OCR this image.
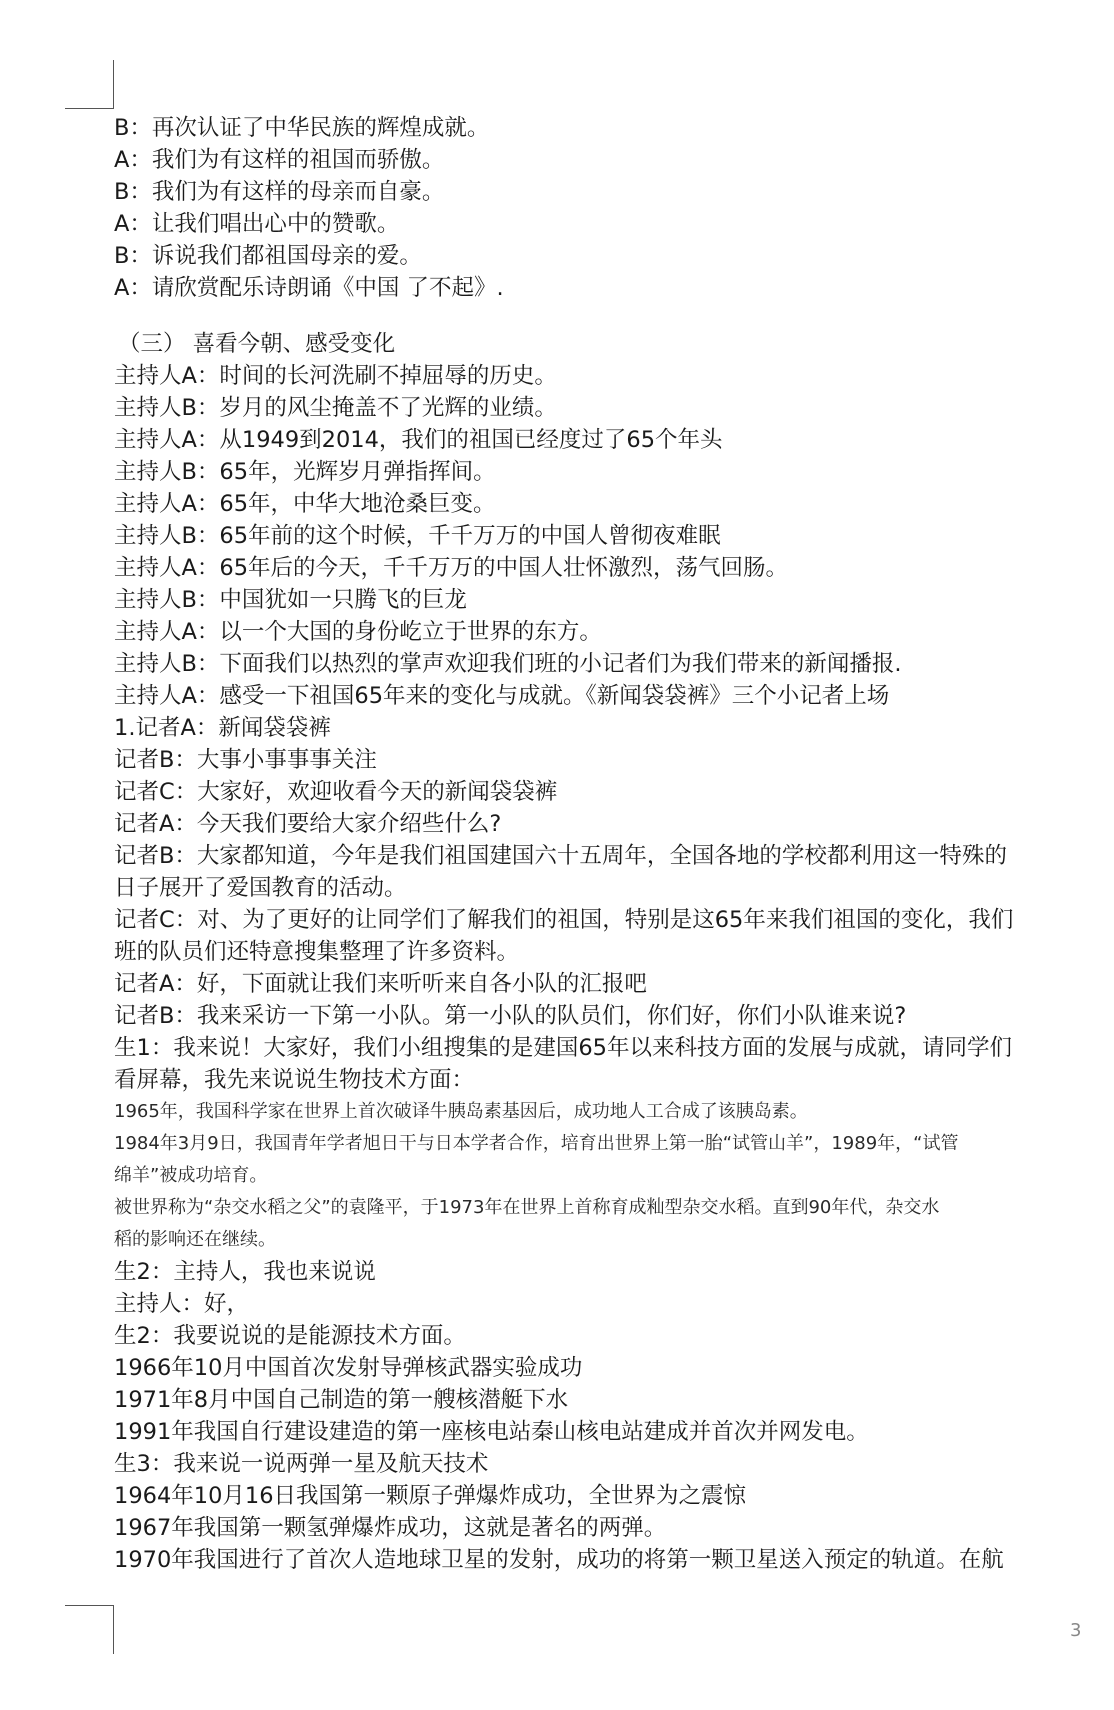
B：再次认证了中华民族的辉煌成就。
A：我们为有这样的祖国而骄傲。
B：我们为有这样的母亲而自豪。
A：让我们唱出心中的赞歌。
B：诉说我们都祖国母亲的爱。
A：请欣赏配乐诗朗诵《中国 了不起》.
（三） 喜看今朝、感受变化
主持人A：时间的长河洗刷不掉屈辱的历史。
主持人B：岁月的风尘掩盖不了光辉的业绩。
主持人A：从1949到2014，我们的祖国已经度过了65个年头
主持人B：65年，光辉岁月弹指挥间。
主持人A：65年，中华大地沧桑巨变。
主持人B：65年前的这个时候，千千万万的中国人曾彻夜难眠
主持人A：65年后的今天，千千万万的中国人壮怀激烈，荡气回肠。
主持人B：中国犹如一只腾飞的巨龙
主持人A：以一个大国的身份屹立于世界的东方。
主持人B：下面我们以热烈的掌声欢迎我们班的小记者们为我们带来的新闻播报.
主持人A：感受一下祖国65年来的变化与成就。《新闻袋袋裤》三个小记者上场
1.记者A：新闻袋袋裤
记者B：大事小事事事关注
记者C：大家好，欢迎收看今天的新闻袋袋裤
记者A：今天我们要给大家介绍些什么?
记者B：大家都知道，今年是我们祖国建国六十五周年，全国各地的学校都利用这一特殊的
日子展开了爱国教育的活动。
记者C：对、为了更好的让同学们了解我们的祖国，特别是这65年来我们祖国的变化，我们
班的队员们还特意搜集整理了许多资料。
记者A：好，下面就让我们来听听来自各小队的汇报吧
记者B：我来采访一下第一小队。第一小队的队员们，你们好，你们小队谁来说?
生1：我来说！大家好，我们小组搜集的是建国65年以来科技方面的发展与成就，请同学们
看屏幕，我先来说说生物技术方面：
1965年，我国科学家在世界上首次破译牛胰岛素基因后，成功地人工合成了该胰岛素。
1984年3月9日，我国青年学者旭日干与日本学者合作，培育出世界上第一胎“试管山羊”，1989年，“试管
绵羊”被成功培育。
被世界称为“杂交水稻之父”的袁隆平，于1973年在世界上首称育成籼型杂交水稻。直到90年代，杂交水
稻的影响还在继续。
生2：主持人，我也来说说
主持人：好，
生2：我要说说的是能源技术方面。
1966年10月中国首次发射导弹核武器实验成功
1971年8月中国自己制造的第一艘核潜艇下水
1991年我国自行建设建造的第一座核电站秦山核电站建成并首次并网发电。
生3：我来说一说两弹一星及航天技术
1964年10月16日我国第一颗原子弹爆炸成功，全世界为之震惊
1967年我国第一颗氢弹爆炸成功，这就是著名的两弹。
1970年我国进行了首次人造地球卫星的发射，成功的将第一颗卫星送入预定的轨道。在航
3
